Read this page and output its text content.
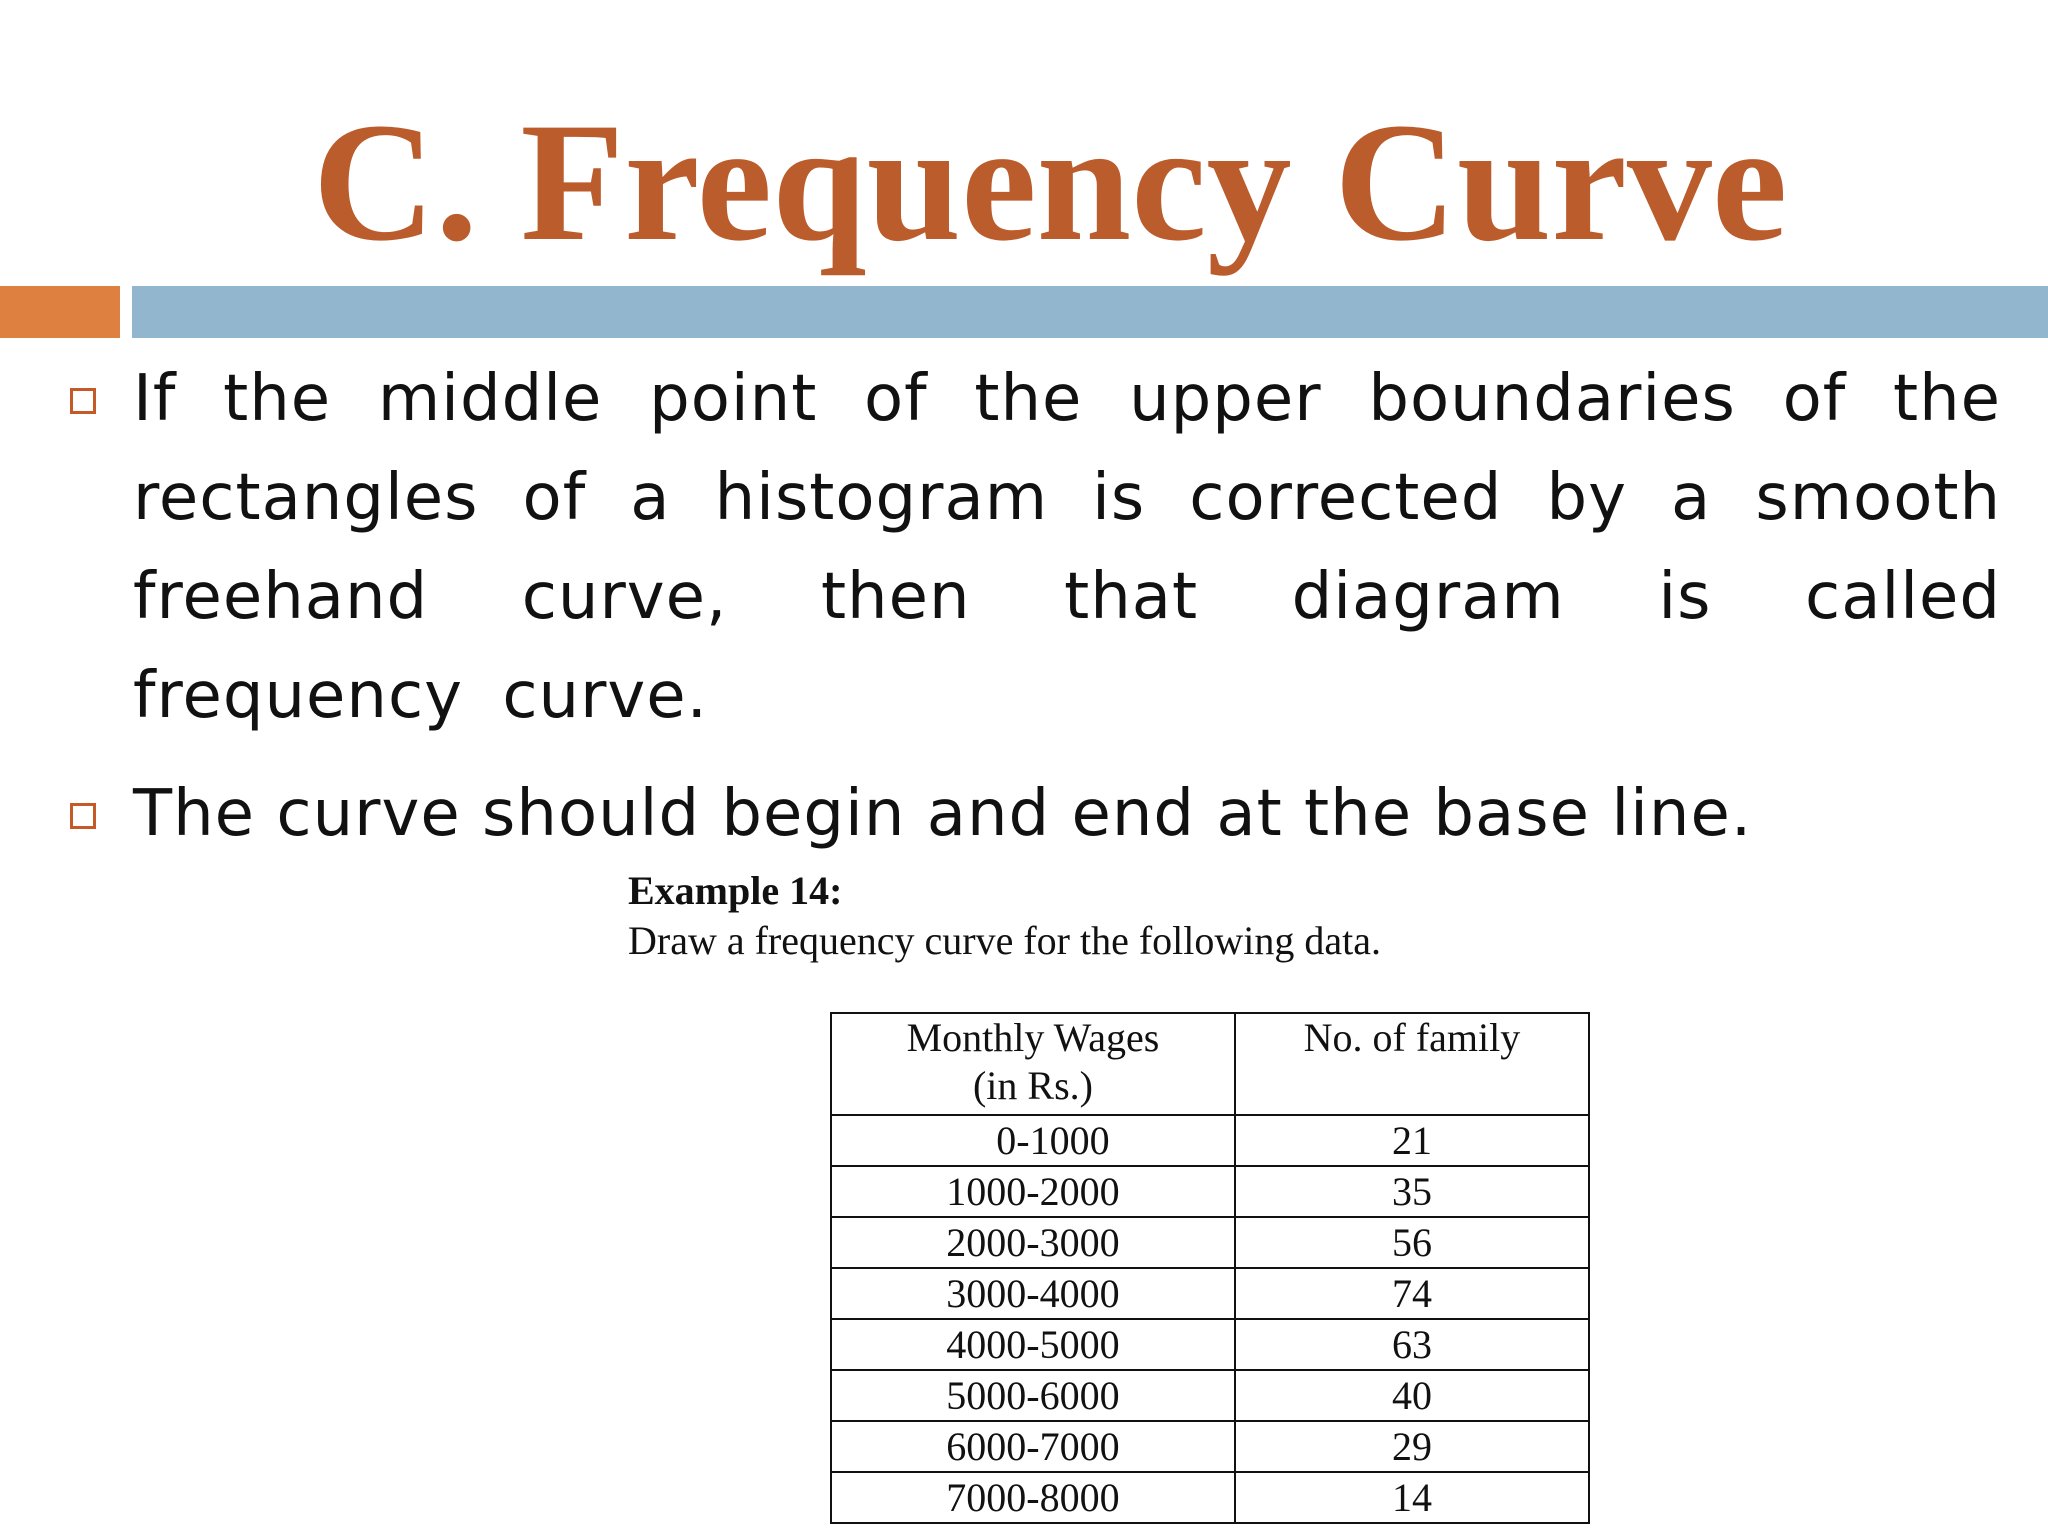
C. Frequency Curve
If the middle point of the upper boundaries of the rectangles of a histogram is corrected by a smooth freehand curve, then that diagram is called frequency curve.
The curve should begin and end at the base line.
Example 14:
Draw a frequency curve for the following data.
Monthly Wages
(in Rs.)	No. of family
0-1000	21
1000-2000	35
2000-3000	56
3000-4000	74
4000-5000	63
5000-6000	40
6000-7000	29
7000-8000	14
